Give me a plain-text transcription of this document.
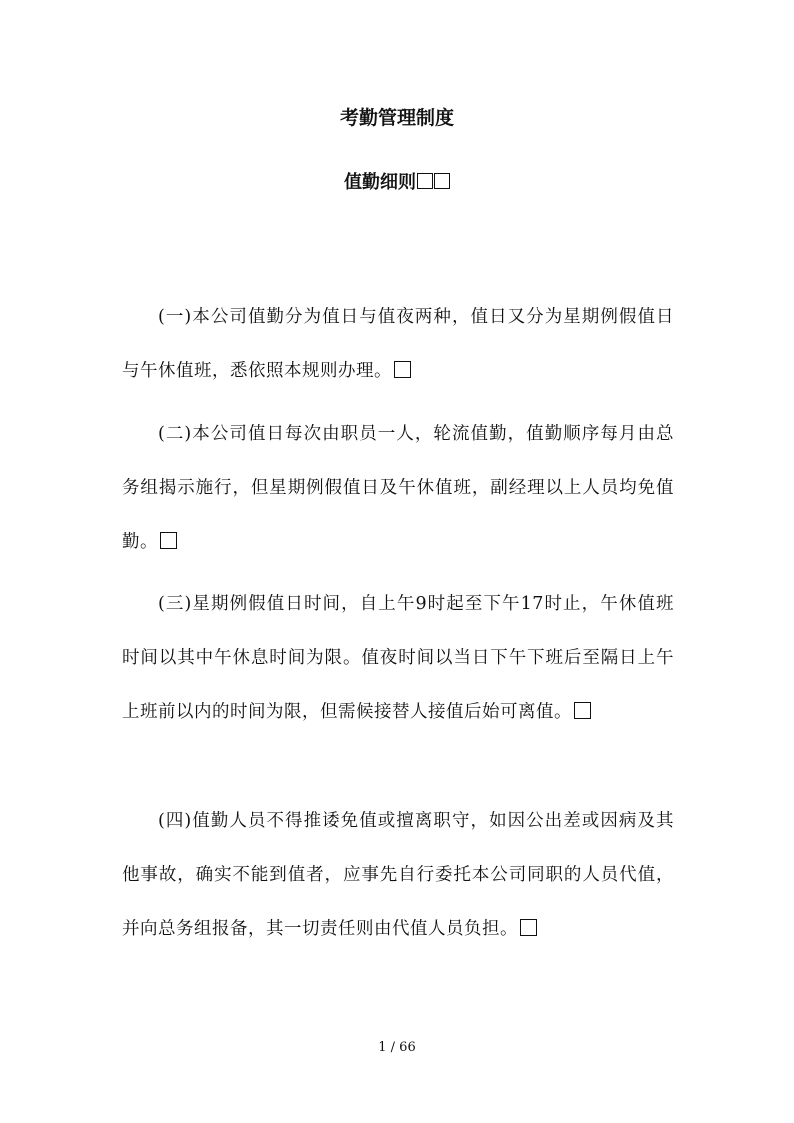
考勤管理制度
值勤细则

(一)本公司值勤分为值日与值夜两种，值日又分为星期例假值日与午休值班，悉依照本规则办理。

(二)本公司值日每次由职员一人，轮流值勤，值勤顺序每月由总务组揭示施行，但星期例假值日及午休值班，副经理以上人员均免值勤。

(三)星期例假值日时间，自上午9时起至下午17时止，午休值班时间以其中午休息时间为限。值夜时间以当日下午下班后至隔日上午上班前以内的时间为限，但需候接替人接值后始可离值。

(四)值勤人员不得推诿免值或擅离职守，如因公出差或因病及其他事故，确实不能到值者，应事先自行委托本公司同职的人员代值，并向总务组报备，其一切责任则由代值人员负担。

1 / 66
